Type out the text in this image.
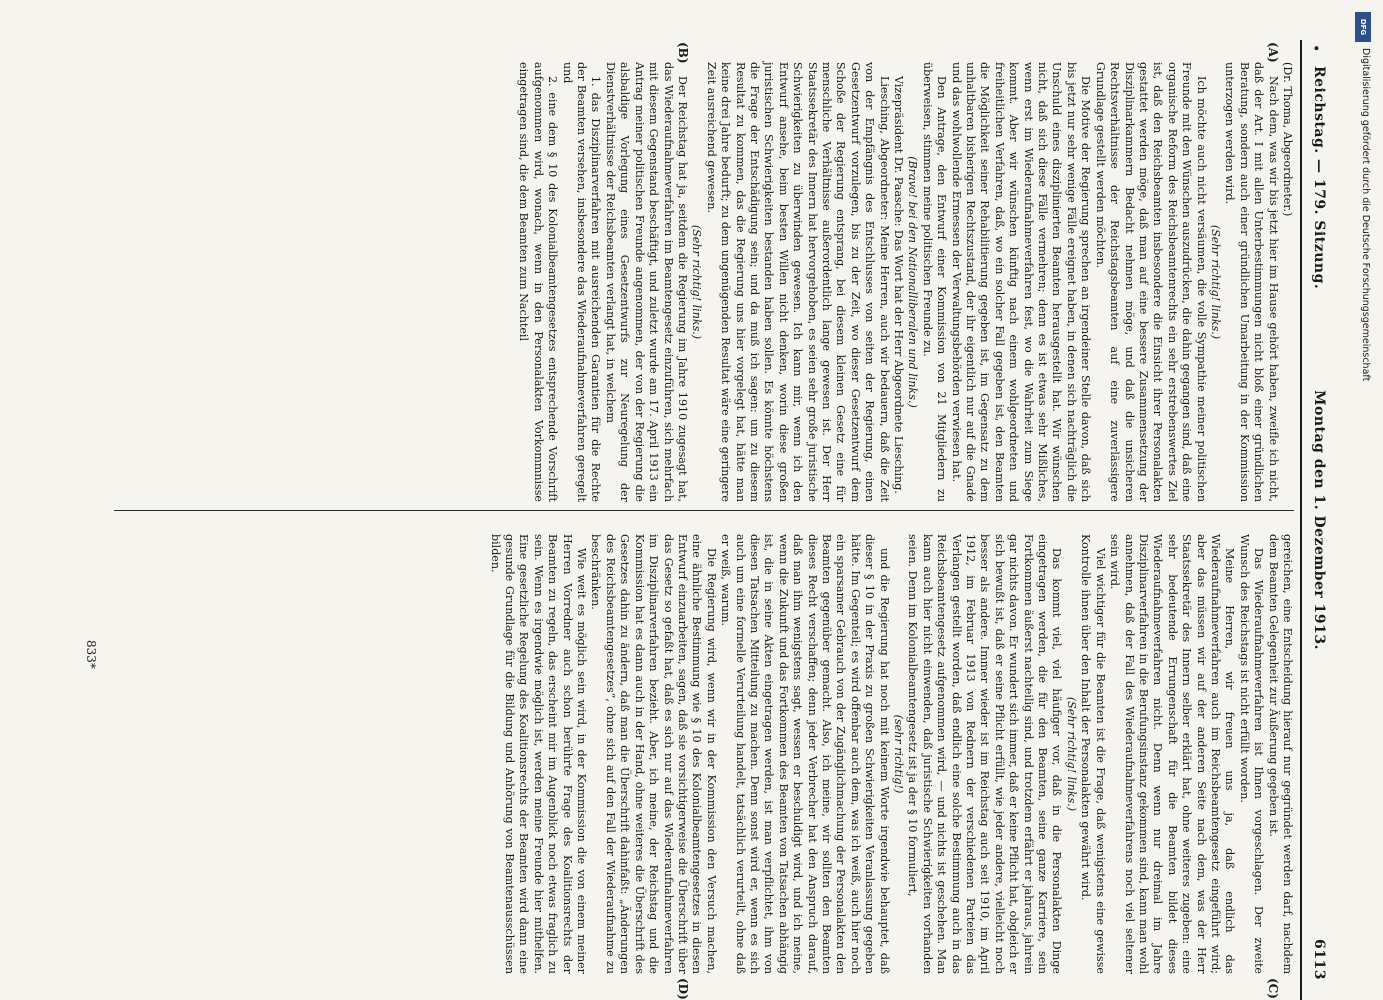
•
Reichstag. — 179. Sitzung.
Montag den 1. Dezember 1913.
6113
(A)
(B)
(C)
(D)

(Dr. Thoma, Abgeordneter.)

Nach dem, was wir bis jetzt hier im Hause gehört haben, zweifle ich nicht, daß der Art. I mit allen Unterbestimmungen nicht bloß einer gründlichen Beratung, sondern auch einer gründlichen Umarbeitung in der Kommission unterzogen werden wird.

(Sehr richtig! links.)

Ich möchte auch nicht versäumen, die volle Sympathie meiner politischen Freunde mit den Wünschen auszudrücken, die dahin gegangen sind, daß eine organische Reform des Reichsbeamtenrechts ein sehr erstrebenswertes Ziel ist, daß den Reichsbeamten insbesondere die Einsicht ihrer Personalakten gestattet werden möge, daß man auf eine bessere Zusammensetzung der Disziplinarkammern Bedacht nehmen möge, und daß die unsicheren Rechtsverhältnisse der Reichstagsbeamten auf eine zuverlässigere Grundlage gestellt werden möchten.

Die Motive der Regierung sprechen an irgendeiner Stelle davon, daß sich bis jetzt nur sehr wenige Fälle ereignet haben, in denen sich nachträglich die Unschuld eines disziplinierten Beamten herausgestellt hat. Wir wünschen nicht, daß sich diese Fälle vermehren; denn es ist etwas sehr Mißliches, wenn erst im Wiederaufnahmeverfahren fest, wo die Wahrheit zum Siege kommt. Aber wir wünschen künftig nach einem wohlgeordneten und freiheitlichen Verfahren, daß, wo ein solcher Fall gegeben ist, den Beamten die Möglichkeit seiner Rehabilitierung gegeben ist, im Gegensatz zu dem unhaltbaren bisherigen Rechtszustand, der ihr eigentlich nur auf die Gnade und das wohlwollende Ermessen der Verwaltungsbehörden verwiesen hat.

Den Antrage, den Entwurf einer Kommission von 21 Mitgliedern zu überweisen, stimmen meine politischen Freunde zu.

(Bravo! bei den Nationalliberalen und links.)

Vizepräsident Dr. Paasche: Das Wort hat der Herr Abgeordnete Liesching.

Liesching, Abgeordneter: Meine Herren, auch wir bedauern, daß die Zeit von der Empfängnis des Entschlusses von seiten der Regierung, einen Gesetzentwurf vorzulegen, bis zu der Zeit, wo dieser Gesetzentwurf dem Schoße der Regierung entsprang, bei diesem kleinen Gesetz eine für menschliche Verhältnisse außerordentlich lange gewesen ist. Der Herr Staatssekretär des Innern hat hervorgehoben, es seien sehr große juristische Schwierigkeiten zu überwinden gewesen. Ich kann mir, wenn ich den Entwurf ansehe, beim besten Willen nicht denken, worin diese großen juristischen Schwierigkeiten bestanden haben sollen. Es könnte höchstens die Frage der Entschädigung sein; und da muß ich sagen: um zu diesem Resultat zu kommen, das die Regierung uns hier vorgelegt hat, hätte man keine drei Jahre bedurft; zu dem ungenügenden Resultat wäre eine geringere Zeit ausreichend gewesen.

(Sehr richtig! links.)

Der Reichstag hat ja, seitdem die Regierung im Jahre 1910 zugesagt hat, das Wiederaufnahmeverfahren im Beamtengesetz einzuführen, sich mehrfach mit diesem Gegenstand beschäftigt, und zuletzt wurde am 17. April 1913 ein Antrag meiner politischen Freunde angenommen, der von der Regierung die alsbaldige Vorlegung eines Gesetzentwurfs zur Neuregelung der Dienstverhältnisse der Reichsbeamten verlangt hat, in welchem

1. das Disziplinarverfahren mit ausreichenden Garantien für die Rechte der Beamten versehen, insbesondere das Wiederaufnahmeverfahren geregelt und

2. eine dem § 10 des Kolonialbeamtengesetzes entsprechende Vorschrift aufgenommen wird, wonach, wenn in den Personalakten Vorkommnisse eingetragen sind, die dem Beamten zum Nachteil

gereichen, eine Entscheidung hierauf nur gegründet werden darf, nachdem dem Beamten Gelegenheit zur Äußerung gegeben ist.

Das Wiederaufnahmeverfahren ist Ihnen vorgeschlagen. Der zweite Wunsch des Reichstags ist nicht erfüllt worden.

Meine Herren, wir freuen uns ja, daß endlich das Wiederaufnahmeverfahren auch im Reichsbeamtengesetz eingeführt wird; aber das müssen wir auf der anderen Seite nach dem, was der Herr Staatssekretär des Innern selber erklärt hat, ohne weiteres zugeben: eine sehr bedeutende Errungenschaft für die Beamten bildet dieses Wiederaufnahmeverfahren nicht. Denn wenn nur dreimal im Jahre Disziplinarverfahren in die Berufungsinstanz gekommen sind, kann man wohl annehmen, daß der Fall des Wiederaufnahmeverfahrens noch viel seltener sein wird.

Viel wichtiger für die Beamten ist die Frage, daß wenigstens eine gewisse Kontrolle ihnen über den Inhalt der Personalakten gewährt wird.

(Sehr richtig! links.)

Das kommt viel, viel häufiger vor, daß in die Personalakten Dinge eingetragen werden, die für den Beamten, seine ganze Karriere, sein Fortkommen äußerst nachteilig sind, und trotzdem erfährt er jahraus, jahrein gar nichts davon. Er wundert sich immer, daß er keine Pflicht hat, obgleich er sich bewußt ist, daß er seine Pflicht erfüllt, wie jeder andere, vielleicht noch besser als andere. Immer wieder ist im Reichstag auch seit 1910, im April 1912, im Februar 1913 von Rednern der verschiedenen Parteien das Verlangen gestellt worden, daß endlich eine solche Bestimmung auch in das Reichsbeamtengesetz aufgenommen wird, — und nichts ist geschehen. Man kann auch hier nicht einwenden, daß juristische Schwierigkeiten vorhanden seien. Denn im Kolonialbeamtengesetz ist ja der § 10 formuliert,

(sehr richtig!)

und die Regierung hat noch mit keinem Worte irgendwie behauptet, daß dieser § 10 in der Praxis zu großen Schwierigkeiten Veranlassung gegeben hätte. Im Gegenteil; es wird offenbar auch dem, was ich weiß, auch hier noch ein sparsamer Gebrauch von der Zugänglichmachung der Personalakten den Beamten gegenüber gemacht. Also, ich meine, wir sollten den Beamten dieses Recht verschaffen; denn jeder Verbrecher hat den Anspruch darauf, daß man ihm wenigstens sagt, wessen er beschuldigt wird, und ich meine, wenn die Zukunft und das Fortkommen des Beamten von Tatsachen abhängig ist, die in seine Akten eingetragen werden, ist man verpflichtet, ihm von diesen Tatsachen Mitteilung zu machen. Denn sonst wird er, wenn es sich auch um eine formelle Verurteilung handelt, tatsächlich verurteilt, ohne daß er weiß, warum.

Die Regierung wird, wenn wir in der Kommission den Versuch machen, eine ähnliche Bestimmung wie § 10 des Kolonialbeamtengesetzes in diesen Entwurf einzuarbeiten, sagen, daß sie vorsichtigerweise die Überschrift über das Gesetz so gefaßt hat, daß es sich nur auf das Wiederaufnahmeverfahren im Disziplinarverfahren bezieht. Aber, ich meine, der Reichstag und die Kommission hat es dann auch in der Hand, ohne weiteres die Überschrift des Gesetzes dahin zu ändern, daß man die Überschrift dahinfaßt: „Änderungen des Reichsbeamtengesetzes“, ohne sich auf den Fall der Wiederaufnahme zu beschränken.

Wie weit es möglich sein wird, in der Kommission die von einem meiner Herren Vorredner auch schon berührte Frage des Koalitionsrechts der Beamten zu regeln, das erscheint mir im Augenblick noch etwas fraglich zu sein. Wenn es irgendwie möglich ist, werden meine Freunde hier mithelfen. Eine gesetzliche Regelung des Koalitionsrechts der Beamten wird dann eine gesunde Grundlage für die Bildung und Anhörung von Beamtenausschüssen bilden.

833*
DFG
Digitalisierung gefördert durch die Deutsche Forschungsgemeinschaft
